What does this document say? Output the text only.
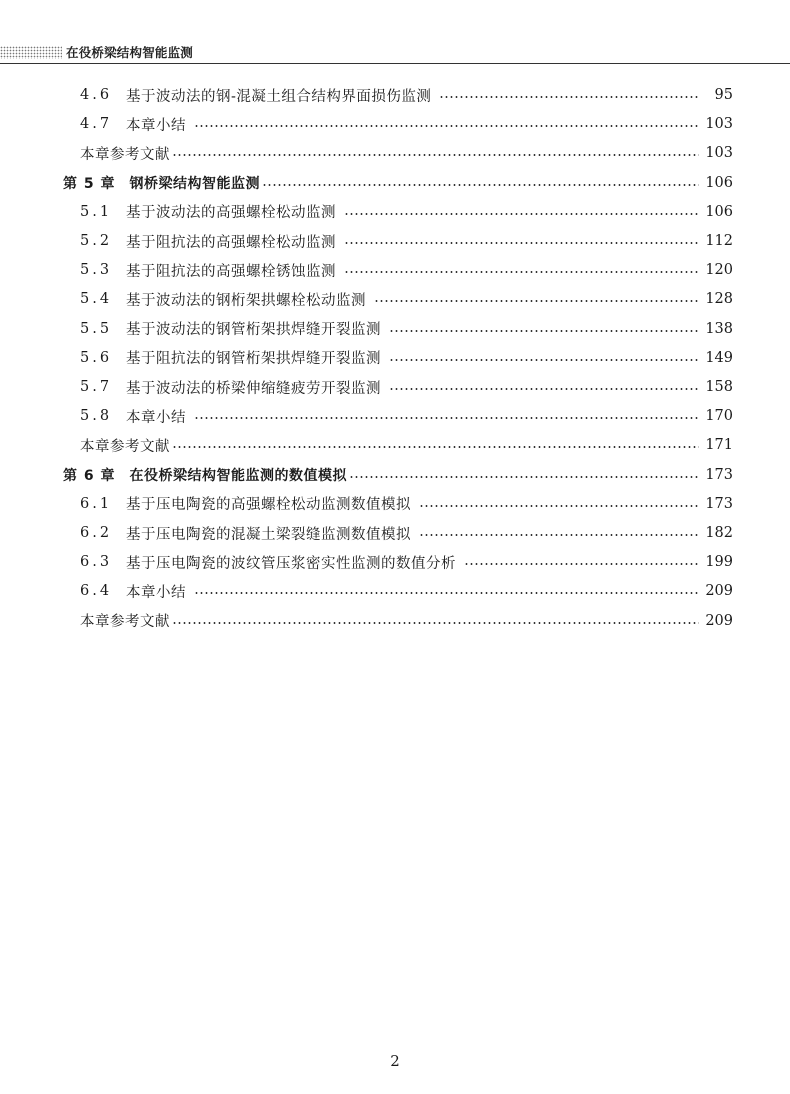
在役桥梁结构智能监测
4.6 基于波动法的钢-混凝土组合结构界面损伤监测	95
4.7 本章小结	103
本章参考文献	103
第 5 章 钢桥梁结构智能监测	106
5.1 基于波动法的高强螺栓松动监测	106
5.2 基于阻抗法的高强螺栓松动监测	112
5.3 基于阻抗法的高强螺栓锈蚀监测	120
5.4 基于波动法的钢桁架拱螺栓松动监测	128
5.5 基于波动法的钢管桁架拱焊缝开裂监测	138
5.6 基于阻抗法的钢管桁架拱焊缝开裂监测	149
5.7 基于波动法的桥梁伸缩缝疲劳开裂监测	158
5.8 本章小结	170
本章参考文献	171
第 6 章 在役桥梁结构智能监测的数值模拟	173
6.1 基于压电陶瓷的高强螺栓松动监测数值模拟	173
6.2 基于压电陶瓷的混凝土梁裂缝监测数值模拟	182
6.3 基于压电陶瓷的波纹管压浆密实性监测的数值分析	199
6.4 本章小结	209
本章参考文献	209
2
